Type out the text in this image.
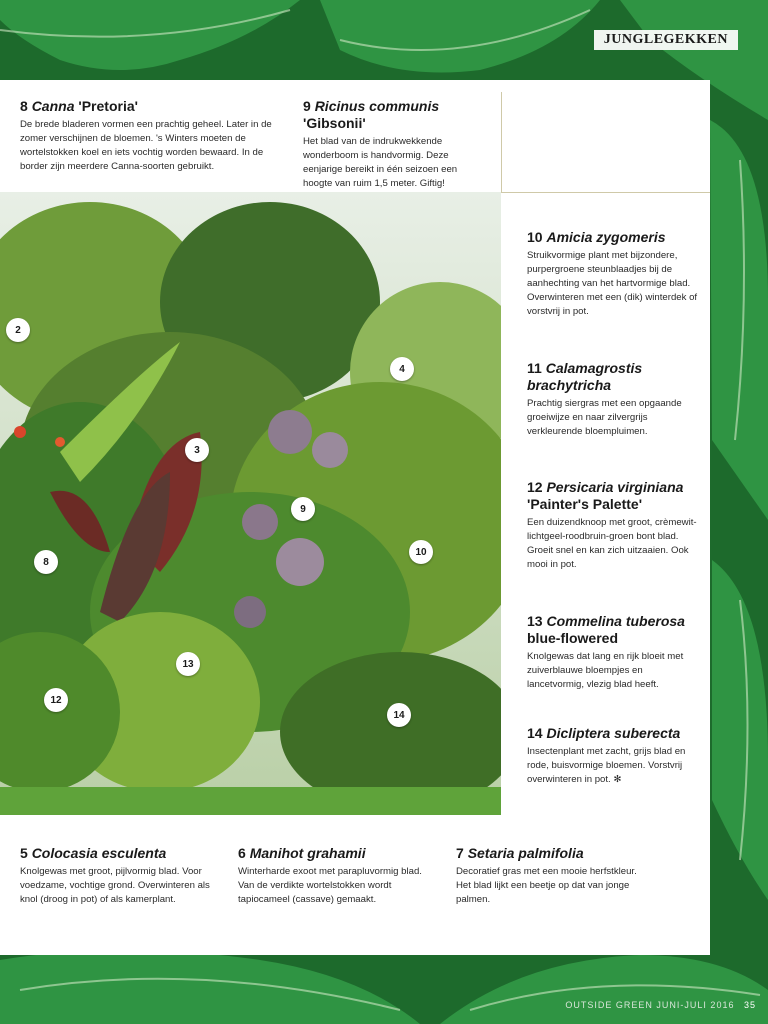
JUNGLEGEKKEN

8 Canna 'Pretoria'

De brede bladeren vormen een prachtig geheel. Later in de zomer verschijnen de bloemen. 's Winters moeten de wortelstokken koel en iets vochtig worden bewaard. In de border zijn meerdere Canna-soorten gebruikt.

9 Ricinus communis 'Gibsonii'

Het blad van de indrukwekkende wonderboom is handvormig. Deze eenjarige bereikt in één seizoen een hoogte van ruim 1,5 meter. Giftig!

2
3
4
8
9
10
12
13
14

10 Amicia zygomeris

Struikvormige plant met bijzondere, purpergroene steunblaadjes bij de aanhechting van het hartvormige blad. Overwinteren met een (dik) winterdek of vorstvrij in pot.

11 Calamagrostis brachytricha

Prachtig siergras met een opgaande groeiwijze en naar zilvergrijs verkleurende bloempluimen.

12 Persicaria virginiana
'Painter's Palette'

Een duizendknoop met groot, crèmewit-lichtgeel-roodbruin-groen bont blad. Groeit snel en kan zich uitzaaien. Ook mooi in pot.

13 Commelina tuberosa
blue-flowered

Knolgewas dat lang en rijk bloeit met zuiverblauwe bloempjes en lancetvormig, vlezig blad heeft.

14 Dicliptera suberecta

Insectenplant met zacht, grijs blad en rode, buisvormige bloemen. Vorstvrij overwinteren in pot. ✻

5 Colocasia esculenta

Knolgewas met groot, pijlvormig blad. Voor voedzame, vochtige grond. Overwinteren als knol (droog in pot) of als kamerplant.

6 Manihot grahamii

Winterharde exoot met parapluvormig blad. Van de verdikte wortelstokken wordt tapiocameel (cassave) gemaakt.

7 Setaria palmifolia

Decoratief gras met een mooie herfstkleur. Het blad lijkt een beetje op dat van jonge palmen.

OUTSIDE GREEN JUNI-JULI 2016 35
